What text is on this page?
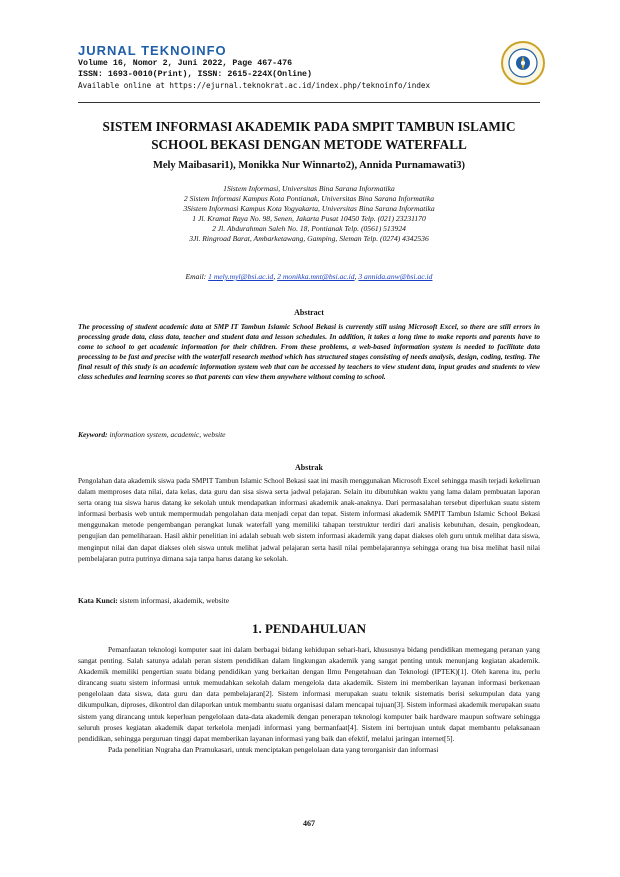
JURNAL TEKNOINFO
Volume 16, Nomor 2, Juni 2022, Page 467-476
ISSN: 1693-0010(Print), ISSN: 2615-224X(Online)
Available online at https://ejurnal.teknokrat.ac.id/index.php/teknoinfo/index
SISTEM INFORMASI AKADEMIK PADA SMPIT TAMBUN ISLAMIC SCHOOL BEKASI DENGAN METODE WATERFALL
Mely Maibasari1), Monikka Nur Winnarto2), Annida Purnamawati3)
1Sistem Informasi, Universitas Bina Sarana Informatika
2 Sistem Informasi Kampus Kota Pontianak, Universitas Bina Sarana Informatika
3Sistem Informasi Kampus Kota Yogyakarta, Universitas Bina Sarana Informatika
1 Jl. Kramat Raya No. 98, Senen, Jakarta Pusat 10450 Telp. (021) 23231170
2 Jl. Abdurahman Saleh No. 18, Pontianak Telp. (0561) 513924
3Jl. Ringroad Barat, Ambarketawang, Gamping, Sleman Telp. (0274) 4342536
Email: 1 mely.myl@bsi.ac.id, 2 monikka.mnt@bsi.ac.id, 3 annida.anw@bsi.ac.id
Abstract
The processing of student academic data at SMP IT Tambun Islamic School Bekasi is currently still using Microsoft Excel, so there are still errors in processing grade data, class data, teacher and student data and lesson schedules. In addition, it takes a long time to make reports and parents have to come to school to get academic information for their children. From these problems, a web-based information system is needed to facilitate data processing to be fast and precise with the waterfall research method which has structured stages consisting of needs analysis, design, coding, testing. The final result of this study is an academic information system web that can be accessed by teachers to view student data, input grades and students to view class schedules and learning scores so that parents can view them anywhere without coming to school.
Keyword: information system, academic, website
Abstrak
Pengolahan data akademik siswa pada SMPIT Tambun Islamic School Bekasi saat ini masih menggunakan Microsoft Excel sehingga masih terjadi kekeliruan dalam memproses data nilai, data kelas, data guru dan sisa siswa serta jadwal pelajaran. Selain itu dibutuhkan waktu yang lama dalam pembuatan laporan serta orang tua siswa harus datang ke sekolah untuk mendapatkan informasi akademik anak-anaknya. Dari permasalahan tersebut diperlukan suatu sistem informasi berbasis web untuk mempermudah pengolahan data menjadi cepat dan tepat. Sistem informasi akademik SMPIT Tambun Islamic School Bekasi menggunakan metode pengembangan perangkat lunak waterfall yang memiliki tahapan terstruktur terdiri dari analisis kebutuhan, desain, pengkodean, pengujian dan pemeliharaan. Hasil akhir penelitian ini adalah sebuah web sistem informasi akademik yang dapat diakses oleh guru untuk melihat data siswa, menginput nilai dan dapat diakses oleh siswa untuk melihat jadwal pelajaran serta hasil nilai pembelajarannya sehingga orang tua bisa melihat hasil nilai pembelajaran putra putrinya dimana saja tanpa harus datang ke sekolah.
Kata Kunci: sistem informasi, akademik, website
1. PENDAHULUAN

Pemanfaatan teknologi komputer saat ini dalam berbagai bidang kehidupan sehari-hari, khususnya bidang pendidikan memegang peranan yang sangat penting. Salah satunya adalah peran sistem pendidikan dalam lingkungan akademik yang sangat penting untuk menunjang kegiatan akademik. Akademik memiliki pengertian suatu bidang pendidikan yang berkaitan dengan Ilmu Pengetahuan dan Teknologi (IPTEK)[1]. Oleh karena itu, perlu dirancang suatu sistem informasi untuk memudahkan sekolah dalam mengelola data akademik. Sistem ini memberikan layanan informasi berkenaan pengelolaan data siswa, data guru dan data pembelajaran[2]. Sistem informasi merupakan suatu teknik sistematis berisi sekumpulan data yang dikumpulkan, diproses, dikontrol dan dilaporkan untuk membantu suatu organisasi dalam mencapai tujuan[3]. Sistem informasi akademik merupakan suatu sistem yang dirancang untuk keperluan pengelolaan data-data akademik dengan penerapan teknologi komputer baik hardware maupun software sehingga seluruh proses kegiatan akademik dapat terkelola menjadi informasi yang bermanfaat[4]. Sistem ini bertujuan untuk dapat membantu pelaksanaan pendidikan, sehingga perguruan tinggi dapat memberikan layanan informasi yang baik dan efektif, melalui jaringan internet[5].

Pada penelitian Nugraha dan Pramukasari, untuk menciptakan pengelolaan data yang terorganisir dan informasi

467
